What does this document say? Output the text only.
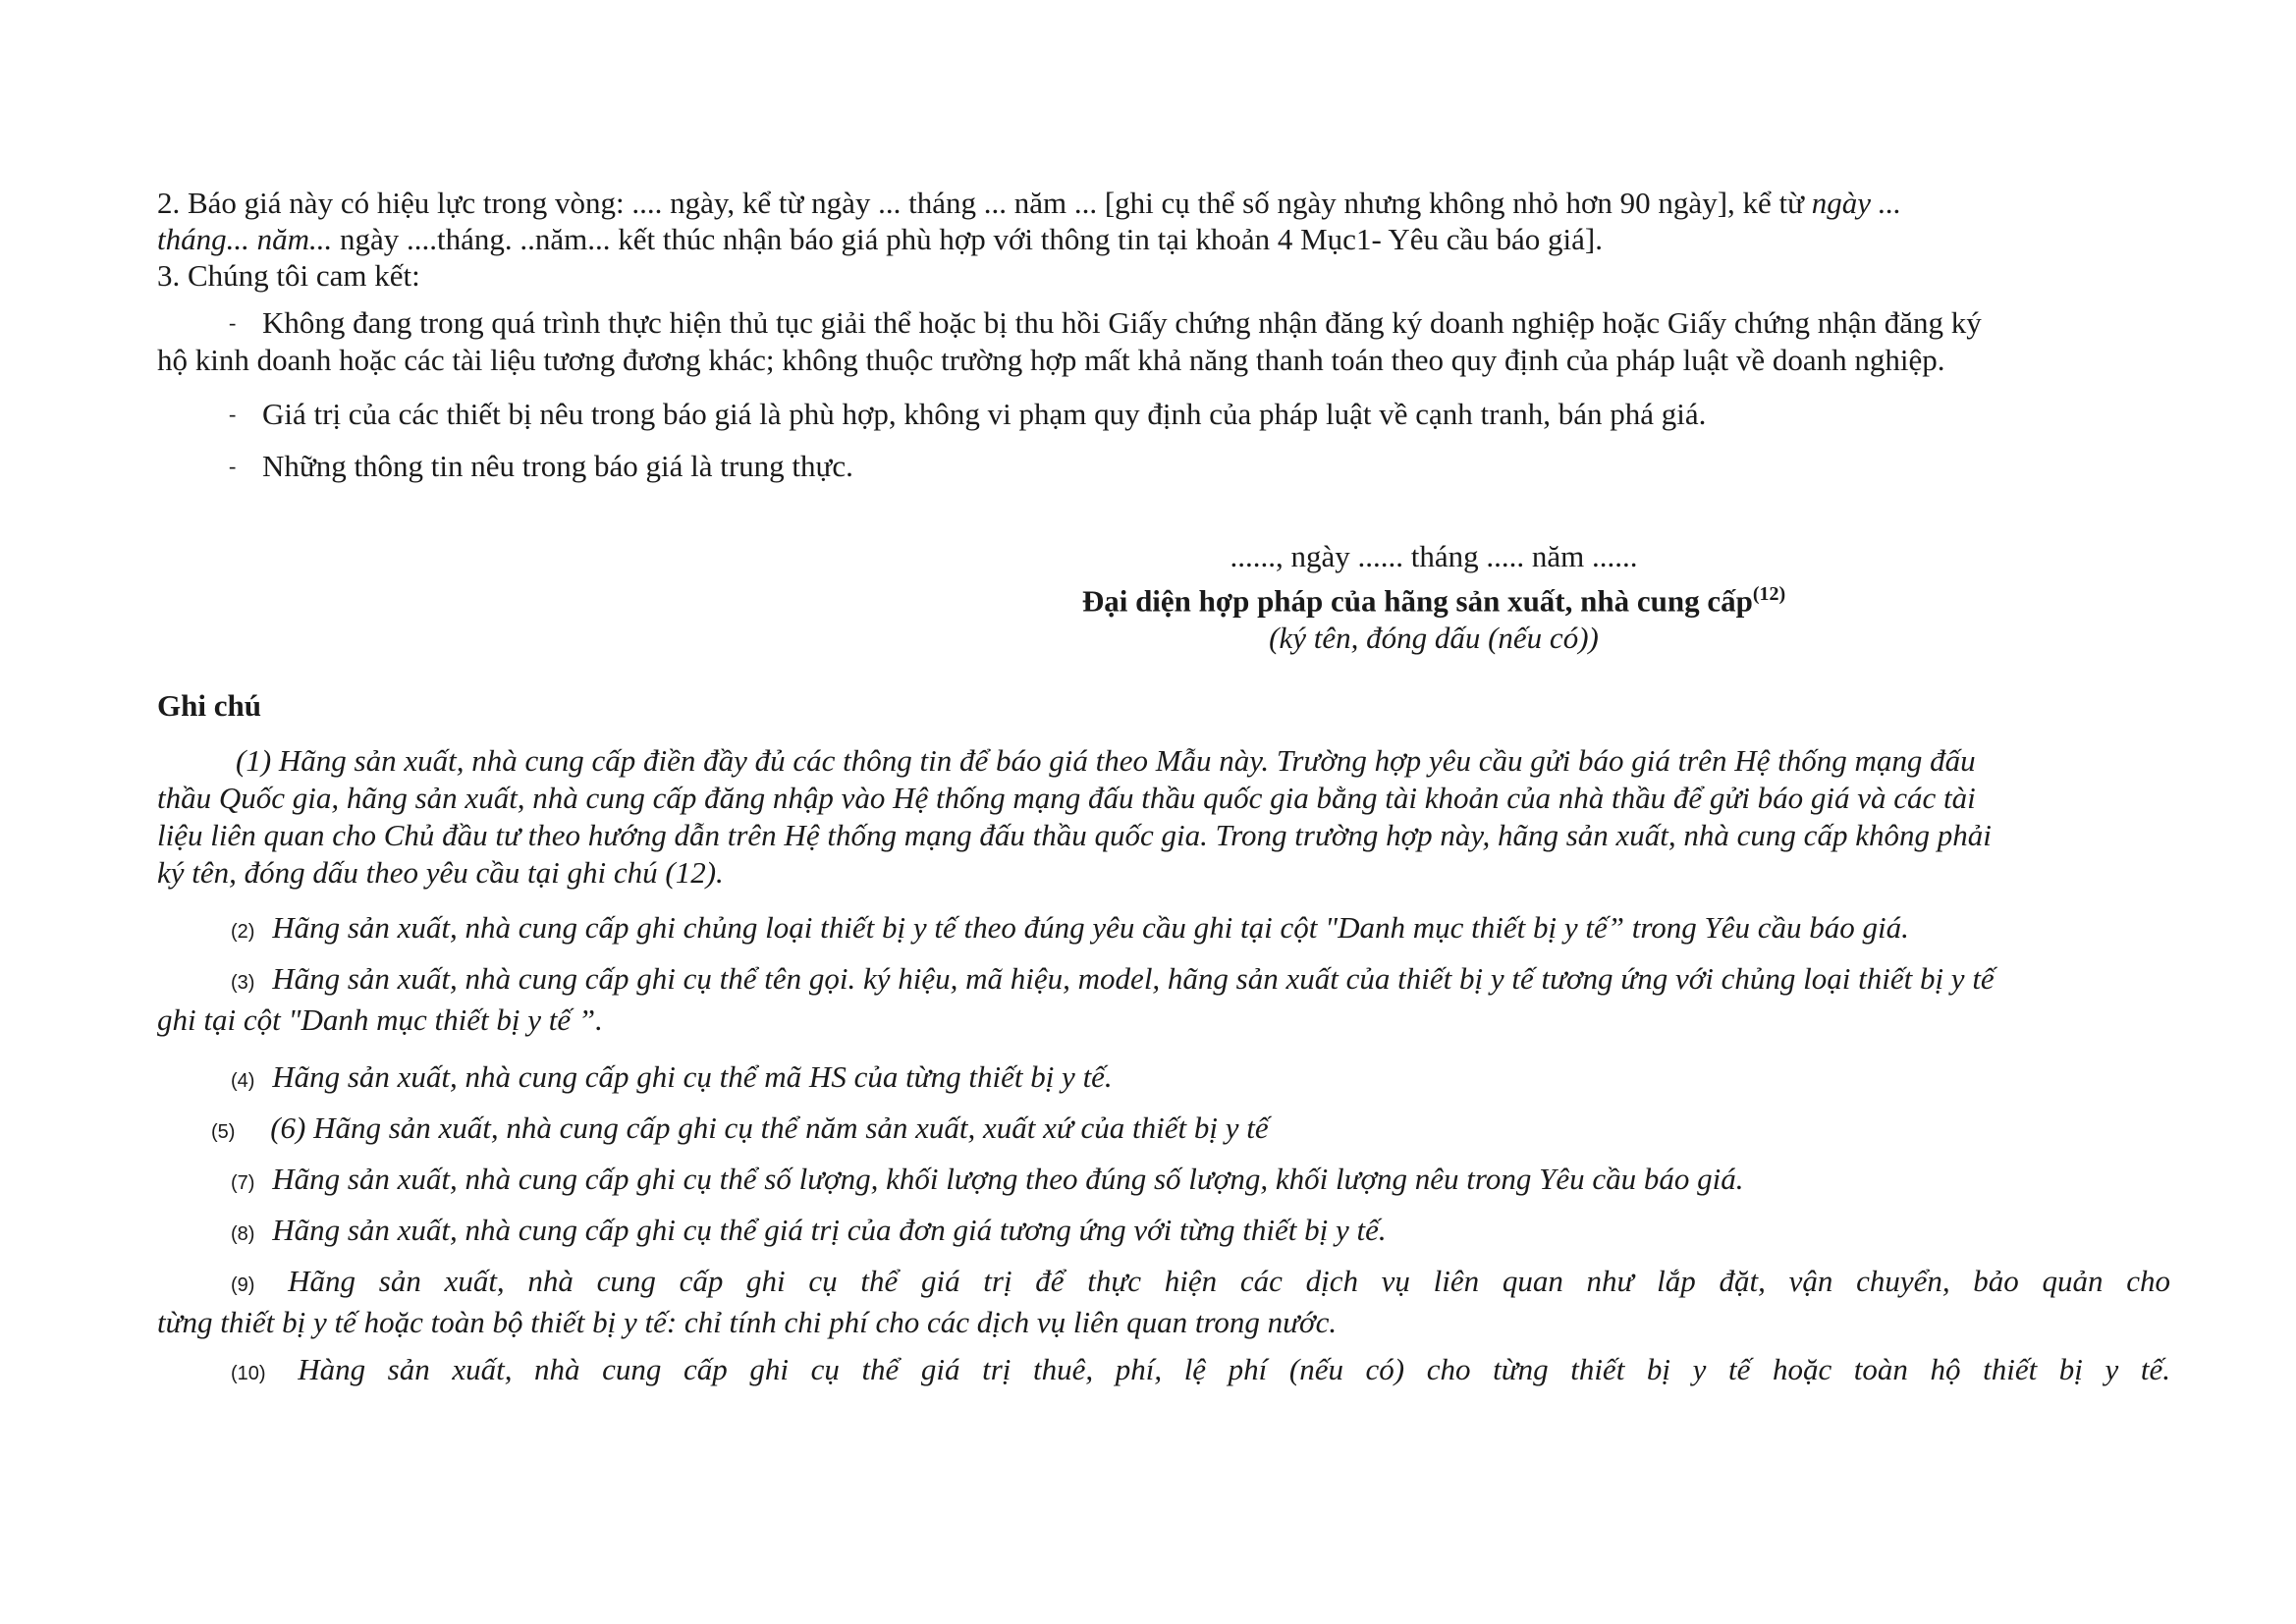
2. Báo giá này có hiệu lực trong vòng: .... ngày, kể từ ngày ... tháng ... năm ... [ghi cụ thể số ngày nhưng không nhỏ hơn 90 ngày], kể từ ngày ...

tháng... năm... ngày ....tháng. ..năm... kết thúc nhận báo giá phù hợp với thông tin tại khoản 4 Mục1- Yêu cầu báo giá].

3. Chúng tôi cam kết:

- Không đang trong quá trình thực hiện thủ tục giải thể hoặc bị thu hồi Giấy chứng nhận đăng ký doanh nghiệp hoặc Giấy chứng nhận đăng ký
hộ kinh doanh hoặc các tài liệu tương đương khác; không thuộc trường hợp mất khả năng thanh toán theo quy định của pháp luật về doanh nghiệp.
- Giá trị của các thiết bị nêu trong báo giá là phù hợp, không vi phạm quy định của pháp luật về cạnh tranh, bán phá giá.
- Những thông tin nêu trong báo giá là trung thực.
......, ngày ...... tháng ..... năm ......
Đại diện hợp pháp của hãng sản xuất, nhà cung cấp$^{(12)}$
(ký tên, đóng dấu (nếu có))
Ghi chú
(1) Hãng sản xuất, nhà cung cấp điền đầy đủ các thông tin để báo giá theo Mẫu này. Trường hợp yêu cầu gửi báo giá trên Hệ thống mạng đấu
thầu Quốc gia, hãng sản xuất, nhà cung cấp đăng nhập vào Hệ thống mạng đấu thầu quốc gia bằng tài khoản của nhà thầu để gửi báo giá và các tài
liệu liên quan cho Chủ đầu tư theo hướng dẫn trên Hệ thống mạng đấu thầu quốc gia. Trong trường hợp này, hãng sản xuất, nhà cung cấp không phải
ký tên, đóng dấu theo yêu cầu tại ghi chú (12).
(2) Hãng sản xuất, nhà cung cấp ghi chủng loại thiết bị y tế theo đúng yêu cầu ghi tại cột "Danh mục thiết bị y tế” trong Yêu cầu báo giá.
(3) Hãng sản xuất, nhà cung cấp ghi cụ thể tên gọi. ký hiệu, mã hiệu, model, hãng sản xuất của thiết bị y tế tương ứng với chủng loại thiết bị y tế
ghi tại cột "Danh mục thiết bị y tế ”.
(4) Hãng sản xuất, nhà cung cấp ghi cụ thể mã HS của từng thiết bị y tế.
(5) (6) Hãng sản xuất, nhà cung cấp ghi cụ thể năm sản xuất, xuất xứ của thiết bị y tế
(7) Hãng sản xuất, nhà cung cấp ghi cụ thể số lượng, khối lượng theo đúng số lượng, khối lượng nêu trong Yêu cầu báo giá.
(8) Hãng sản xuất, nhà cung cấp ghi cụ thể giá trị của đơn giá tương ứng với từng thiết bị y tế.
(9) Hãng sản xuất, nhà cung cấp ghi cụ thể giá trị để thực hiện các dịch vụ liên quan như lắp đặt, vận chuyển, bảo quản cho
từng thiết bị y tế hoặc toàn bộ thiết bị y tế: chỉ tính chi phí cho các dịch vụ liên quan trong nước.
(10) Hàng sản xuất, nhà cung cấp ghi cụ thể giá trị thuê, phí, lệ phí (nếu có) cho từng thiết bị y tế hoặc toàn hộ thiết bị y tế.
